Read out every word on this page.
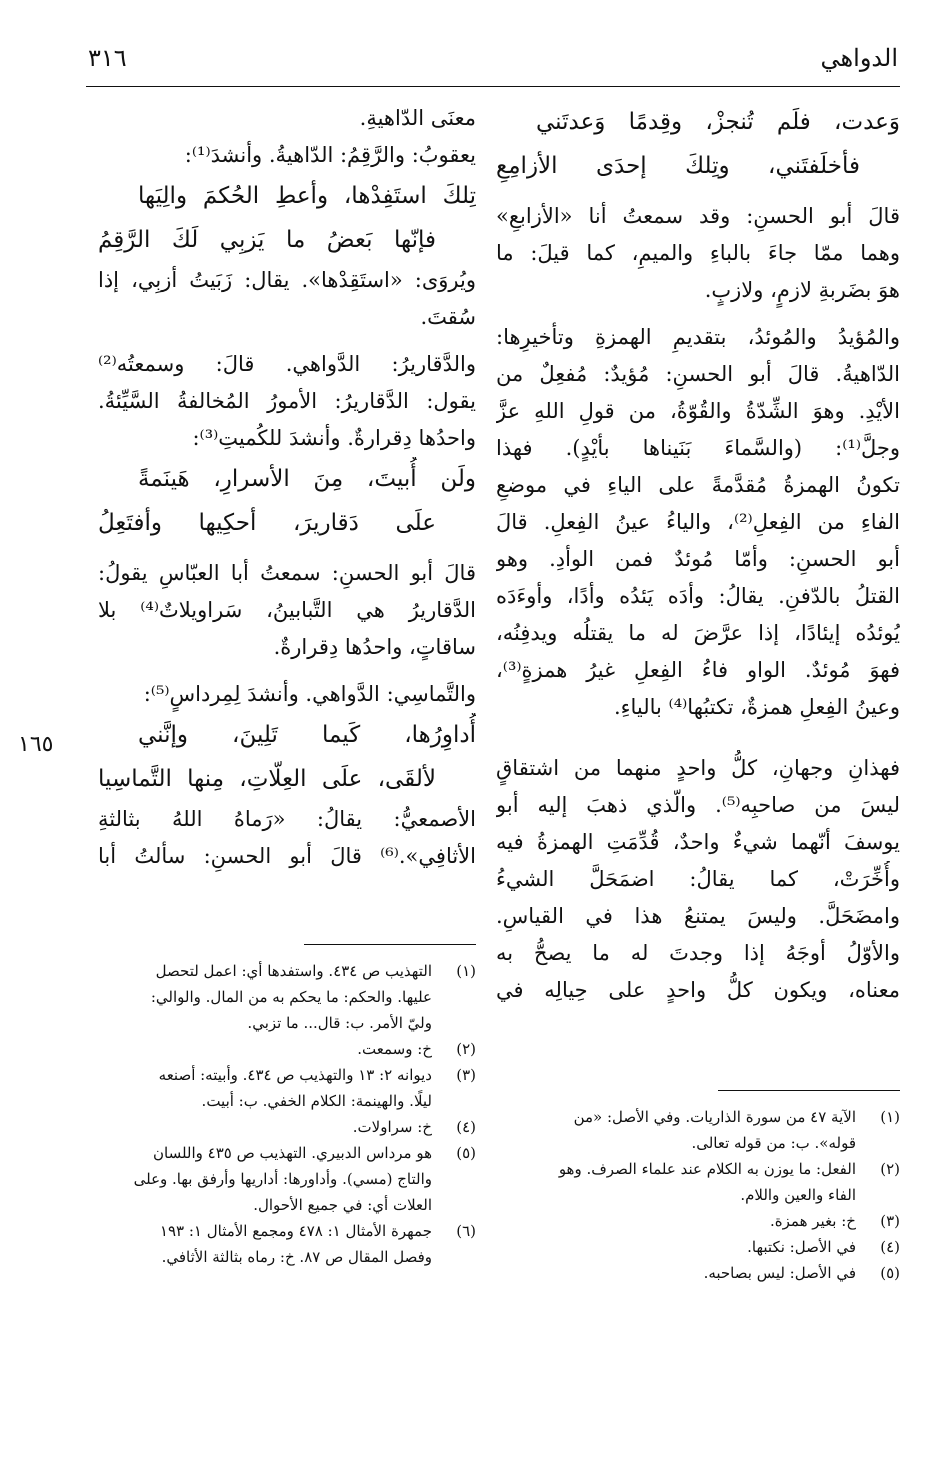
الدواهي
٣١٦
وَعدت، فلَم تُنجزْ، وقِدمًا وَعدتَني
فأخلَفتَني، وتِلكَ إحدَى الأزامِعِ
قالَ أبو الحسنِ: وقد سمعتُ أنا «الأزابعِ»
وهما ممّا جاءَ بالباءِ والميمِ، كما قيلَ: ما
هوَ بضَربةِ لازمٍ، ولازبٍ.
والمُؤيدُ والمُوئدُ، بتقديمِ الهمزةِ وتأخيرِها:
الدّاهيةُ. قالَ أبو الحسنِ: مُؤيدٌ: مُفعِلٌ من
الأيْدِ. وهوَ الشِّدّةُ والقُوّةُ، من قولِ اللهِ عزَّ
وجلَّ⁽¹⁾: (والسَّماءَ بَنَيناها بأيْدٍ). فهذا
تكونُ الهمزةُ مُقدَّمةً على الياءِ في موضعِ
الفاءِ من الفِعلِ⁽²⁾، والياءُ عينُ الفِعلِ. قالَ
أبو الحسنِ: وأمّا مُوئدٌ فمن الوأدِ. وهو
القتلُ بالدّفنِ. يقالُ: وأدَه يَئدُه وأدًا، وأوءَدَه
يُوئدُه إيئادًا، إذا عرَّضَ له ما يقتلُه ويدفِنُه،
فهوَ مُوئدٌ. الواو فاءُ الفِعلِ غيرُ همزةٍ⁽³⁾،
وعينُ الفِعلِ همزةٌ، تكتبُها⁽⁴⁾ بالياءِ.
فهذانِ وجهانِ، كلُّ واحدٍ منهما من اشتقاقٍ
ليسَ من صاحبِه⁽⁵⁾. والّذي ذهبَ إليه أبو
يوسفَ أنّهما شيءٌ واحدٌ، قُدِّمَتِ الهمزةُ فيه
وأُخِّرَتْ، كما يقالُ: اضمَحَلَّ الشيءُ
وامضَحَلَّ. وليسَ يمتنعُ هذا في القياسِ.
والأوّلُ أوجَهُ إذا وجدتَ له ما يصحُّ به
معناه، ويكون كلُّ واحدٍ على حِيالِه في
معنَى الدّاهيةِ.
يعقوبُ: والرَّقِمُ: الدّاهيةُ. وأنشدَ⁽¹⁾:
تِلكَ استَفِدْها، وأعطِ الحُكمَ والِيَها
فإنّها بَعضُ ما يَزبِي لَكَ الرَّقِمُ
ويُروَى: «استَقِدْها». يقال: زَبَيتُ أزبِي، إذا
سُقتَ.
والدَّقاريرُ: الدَّواهي. قالَ: وسمعتُه⁽²⁾
يقول: الدَّقاريرُ: الأمورُ المُخالفةُ السَّيِّئةُ.
واحدُها دِقرارةٌ. وأنشدَ للكُميتِ⁽³⁾:
ولَن أُبيتَ، مِنَ الأسرارِ، هَينَمةً
علَى دَقاريرَ، أحكِيها وأفتَعِلُ
قالَ أبو الحسنِ: سمعتُ أبا العبّاسِ يقولُ:
الدَّقاريرُ هي التَّبابينُ، سَراويلاتٌ⁽⁴⁾ بلا
ساقاتٍ، واحدُها دِقرارةٌ.
والتَّماسِي: الدَّواهي. وأنشدَ لِمِرداسٍ⁽⁵⁾:
أُداوِرُها، كَيما تَلِينَ، وإنَّني
لألقَى، علَى العِلّاتِ، مِنها التَّماسِيا
الأصمعيُّ: يقالُ: «رَماهُ اللهُ بثالثةِ
الأثافِي».⁽⁶⁾ قالَ أبو الحسنِ: سألتُ أبا
١٦٥
(١)
الآية ٤٧ من سورة الذاريات. وفي الأصل: «من
قوله». ب: من قوله تعالى.
(٢)
الفعل: ما يوزن به الكلام عند علماء الصرف. وهو
الفاء والعين واللام.
(٣)
خ: بغير همزة.
(٤)
في الأصل: نكتبها.
(٥)
في الأصل: ليس بصاحبه.
(١)
التهذيب ص ٤٣٤. واستفدها أي: اعمل لتحصل
عليها. والحكم: ما يحكم به من المال. والوالي:
وليّ الأمر. ب: قال... ما تزبي.
(٢)
خ: وسمعت.
(٣)
ديوانه ٢: ١٣ والتهذيب ص ٤٣٤. وأبيته: أصنعه
ليلًا. والهينمة: الكلام الخفي. ب: أبيت.
(٤)
خ: سراولات.
(٥)
هو مرداس الدبيري. التهذيب ص ٤٣٥ واللسان
والتاج (مسي). وأداورها: أداريها وأرفق بها. وعلى
العلات أي: في جميع الأحوال.
(٦)
جمهرة الأمثال ١: ٤٧٨ ومجمع الأمثال ١: ١٩٣
وفصل المقال ص ٨٧. خ: رماه بثالثة الأثافي.
